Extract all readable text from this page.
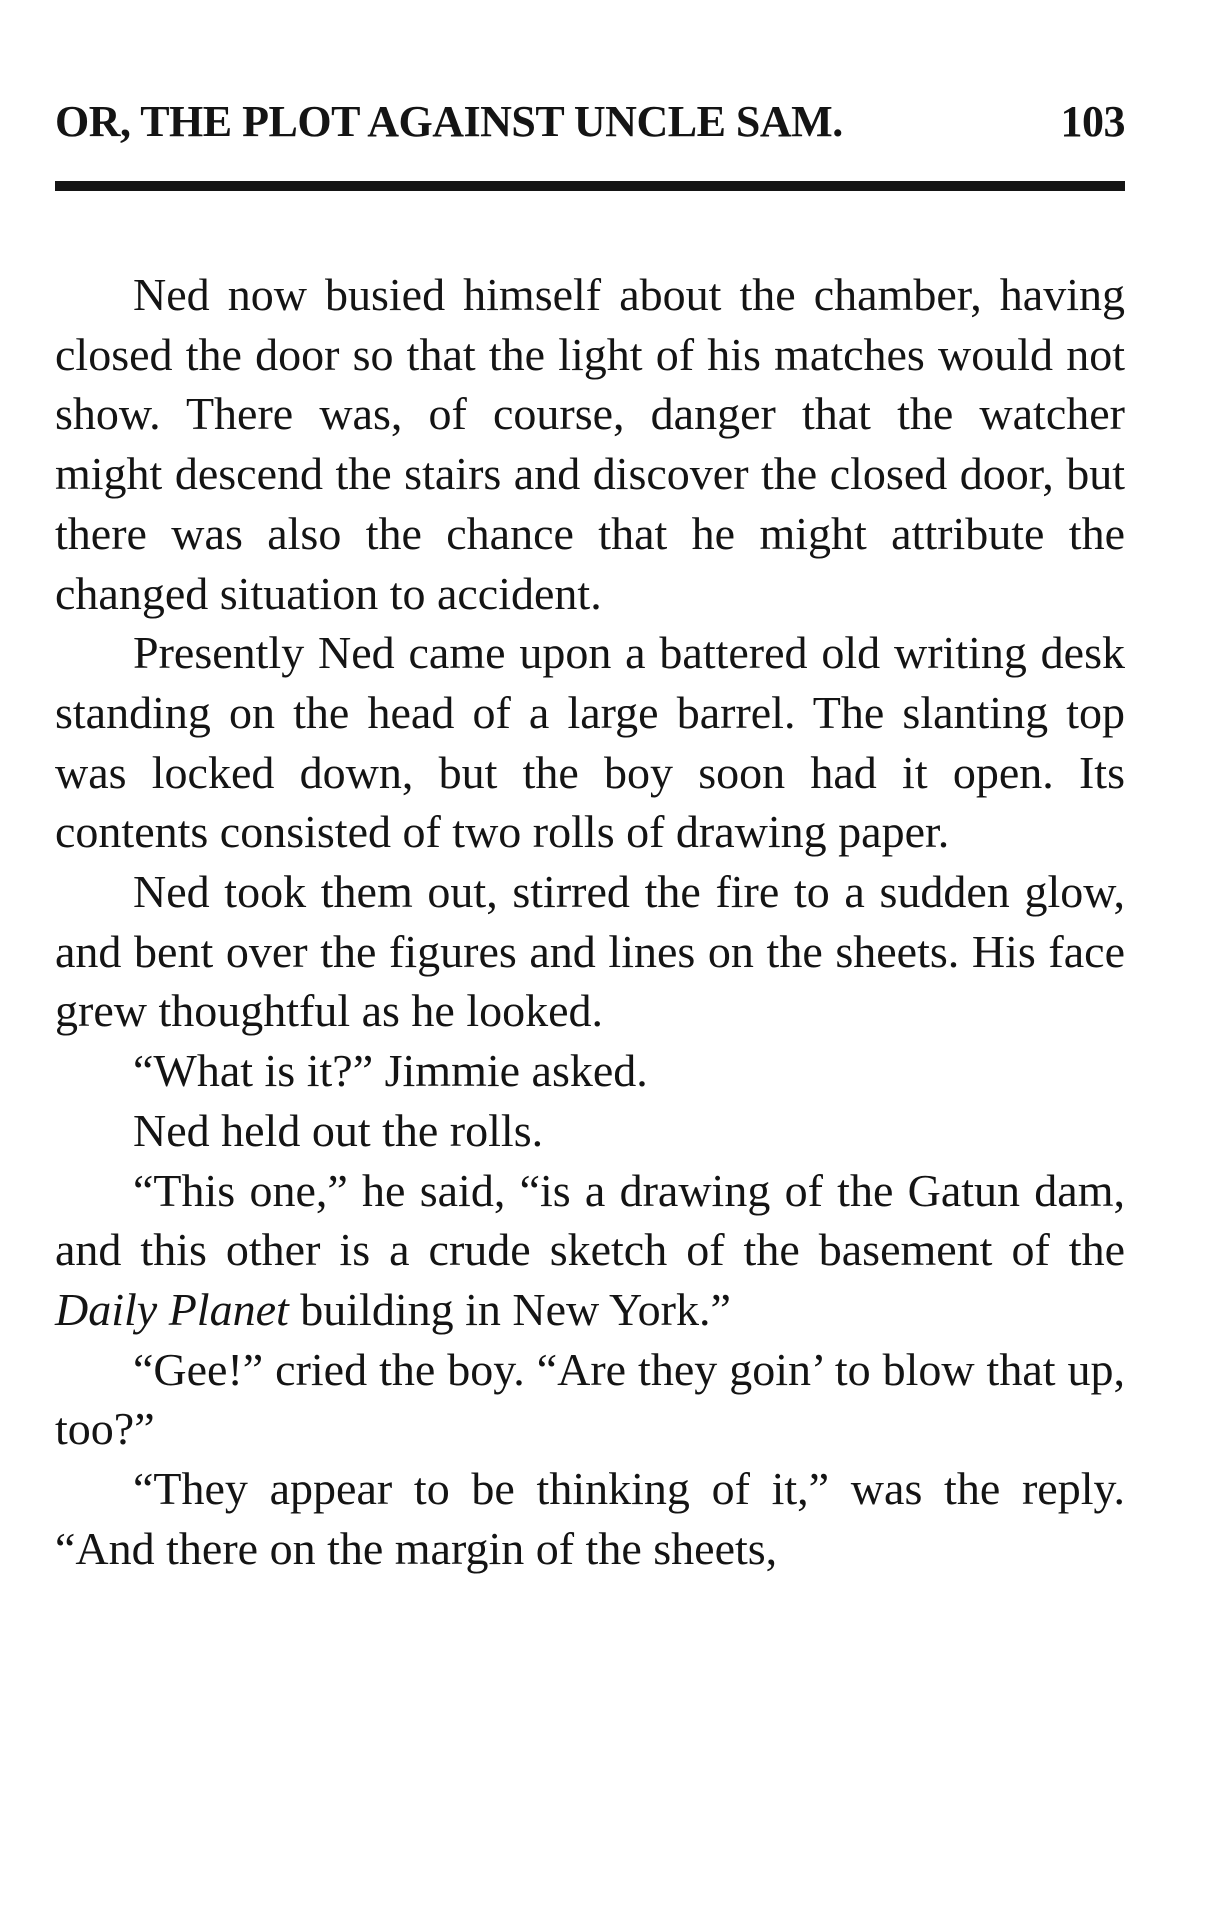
OR, THE PLOT AGAINST UNCLE SAM.	103

Ned now busied himself about the chamber, having closed the door so that the light of his matches would not show. There was, of course, danger that the watcher might descend the stairs and discover the closed door, but there was also the chance that he might attribute the changed situation to accident.

Presently Ned came upon a battered old writing desk standing on the head of a large barrel. The slanting top was locked down, but the boy soon had it open. Its contents consisted of two rolls of drawing paper.

Ned took them out, stirred the fire to a sudden glow, and bent over the figures and lines on the sheets. His face grew thoughtful as he looked.

“What is it?” Jimmie asked.

Ned held out the rolls.

“This one,” he said, “is a drawing of the Gatun dam, and this other is a crude sketch of the basement of the Daily Planet building in New York.”

“Gee!” cried the boy. “Are they goin’ to blow that up, too?”

“They appear to be thinking of it,” was the reply. “And there on the margin of the sheets,
